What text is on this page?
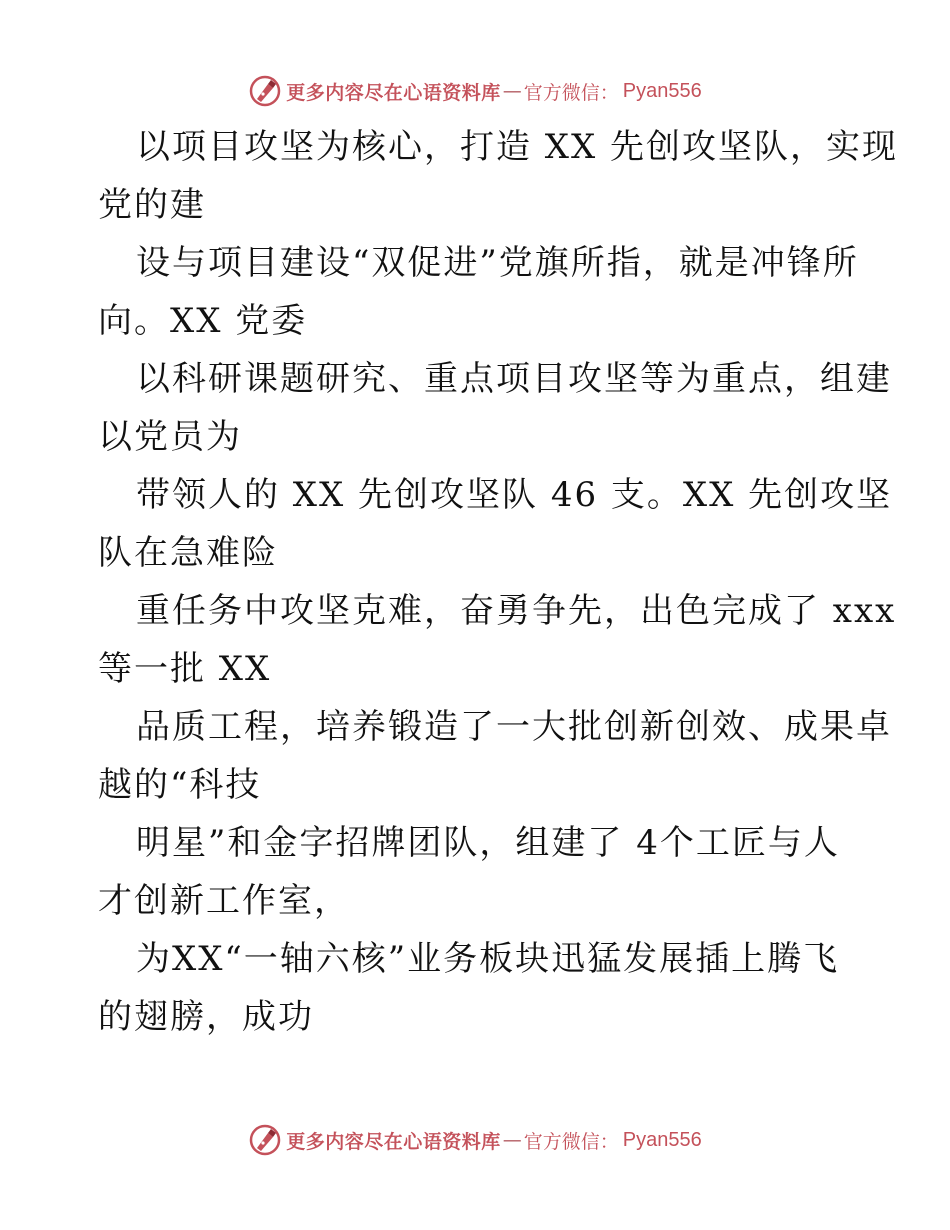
更多内容尽在心语资料库 — 官方微信： Pyan556
以项目攻坚为核心，打造 XX 先创攻坚队，实现
党的建
设与项目建设“双促进”党旗所指，就是冲锋所
向。XX 党委
以科研课题研究、重点项目攻坚等为重点，组建
以党员为
带领人的 XX 先创攻坚队 46 支。XX 先创攻坚
队在急难险
重任务中攻坚克难，奋勇争先，出色完成了 xxx
等一批 XX
品质工程，培养锻造了一大批创新创效、成果卓
越的“科技
明星”和金字招牌团队，组建了 4个工匠与人
才创新工作室，
为XX“一轴六核”业务板块迅猛发展插上腾飞
的翅膀，成功
更多内容尽在心语资料库 — 官方微信： Pyan556
